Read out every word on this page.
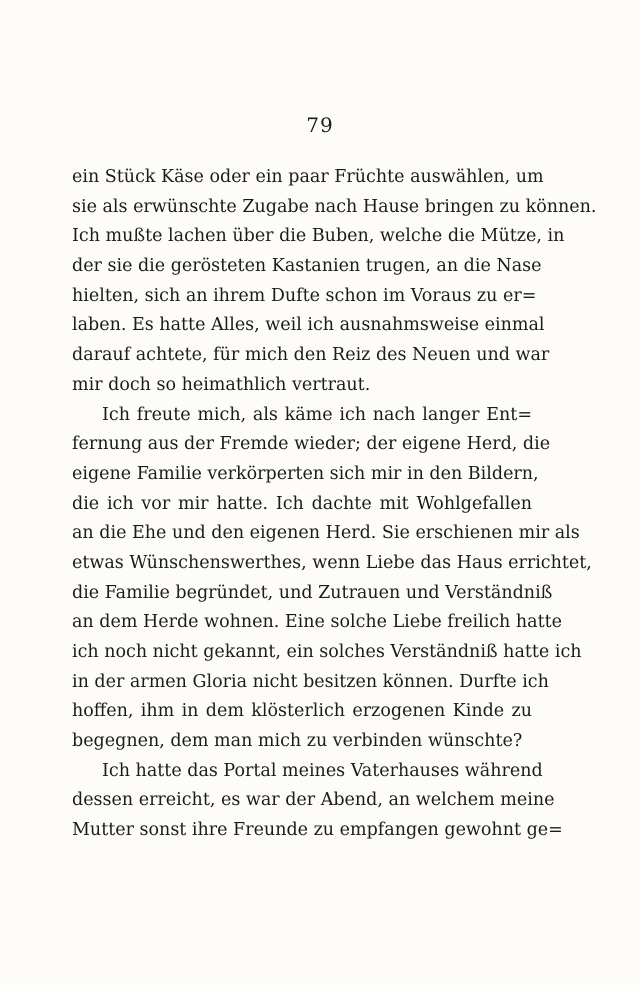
79
ein Stück Käse oder ein paar Früchte auswählen, um
sie als erwünschte Zugabe nach Hause bringen zu können.
Ich mußte lachen über die Buben, welche die Mütze, in
der sie die gerösteten Kastanien trugen, an die Nase
hielten, sich an ihrem Dufte schon im Voraus zu er=
laben. Es hatte Alles, weil ich ausnahmsweise einmal
darauf achtete, für mich den Reiz des Neuen und war
mir doch so heimathlich vertraut.
Ich freute mich, als käme ich nach langer Ent=
fernung aus der Fremde wieder; der eigene Herd, die
eigene Familie verkörperten sich mir in den Bildern,
die ich vor mir hatte. Ich dachte mit Wohlgefallen
an die Ehe und den eigenen Herd. Sie erschienen mir als
etwas Wünschenswerthes, wenn Liebe das Haus errichtet,
die Familie begründet, und Zutrauen und Verständniß
an dem Herde wohnen. Eine solche Liebe freilich hatte
ich noch nicht gekannt, ein solches Verständniß hatte ich
in der armen Gloria nicht besitzen können. Durfte ich
hoffen, ihm in dem klösterlich erzogenen Kinde zu
begegnen, dem man mich zu verbinden wünschte?
Ich hatte das Portal meines Vaterhauses während
dessen erreicht, es war der Abend, an welchem meine
Mutter sonst ihre Freunde zu empfangen gewohnt ge=
